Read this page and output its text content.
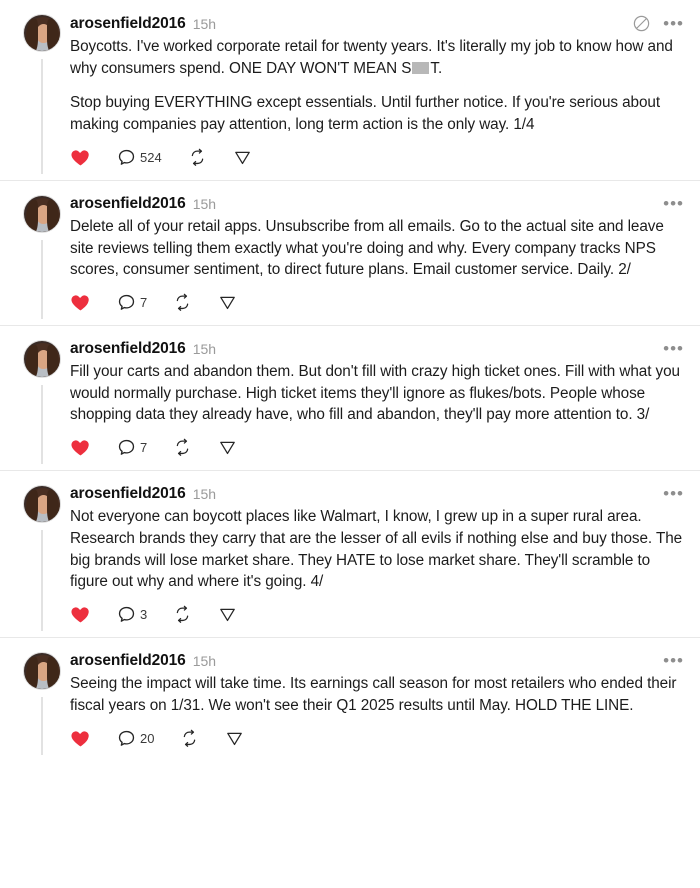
arosenfield2016 15h	•••

Boycotts. I've worked corporate retail for twenty years. It's literally my job to know how and why consumers spend. ONE DAY WON'T MEAN S T.

Stop buying EVERYTHING except essentials. Until further notice. If you're serious about making companies pay attention, long term action is the only way. 1/4

524
arosenfield2016 15h	•••

Delete all of your retail apps. Unsubscribe from all emails. Go to the actual site and leave site reviews telling them exactly what you're doing and why. Every company tracks NPS scores, consumer sentiment, to direct future plans. Email customer service. Daily. 2/

7
arosenfield2016 15h	•••

Fill your carts and abandon them. But don't fill with crazy high ticket ones. Fill with what you would normally purchase. High ticket items they'll ignore as flukes/bots. People whose shopping data they already have, who fill and abandon, they'll pay more attention to. 3/

7
arosenfield2016 15h	•••

Not everyone can boycott places like Walmart, I know, I grew up in a super rural area. Research brands they carry that are the lesser of all evils if nothing else and buy those. The big brands will lose market share. They HATE to lose market share. They'll scramble to figure out why and where it's going. 4/

3
arosenfield2016 15h	•••

Seeing the impact will take time. Its earnings call season for most retailers who ended their fiscal years on 1/31. We won't see their Q1 2025 results until May. HOLD THE LINE.

20
